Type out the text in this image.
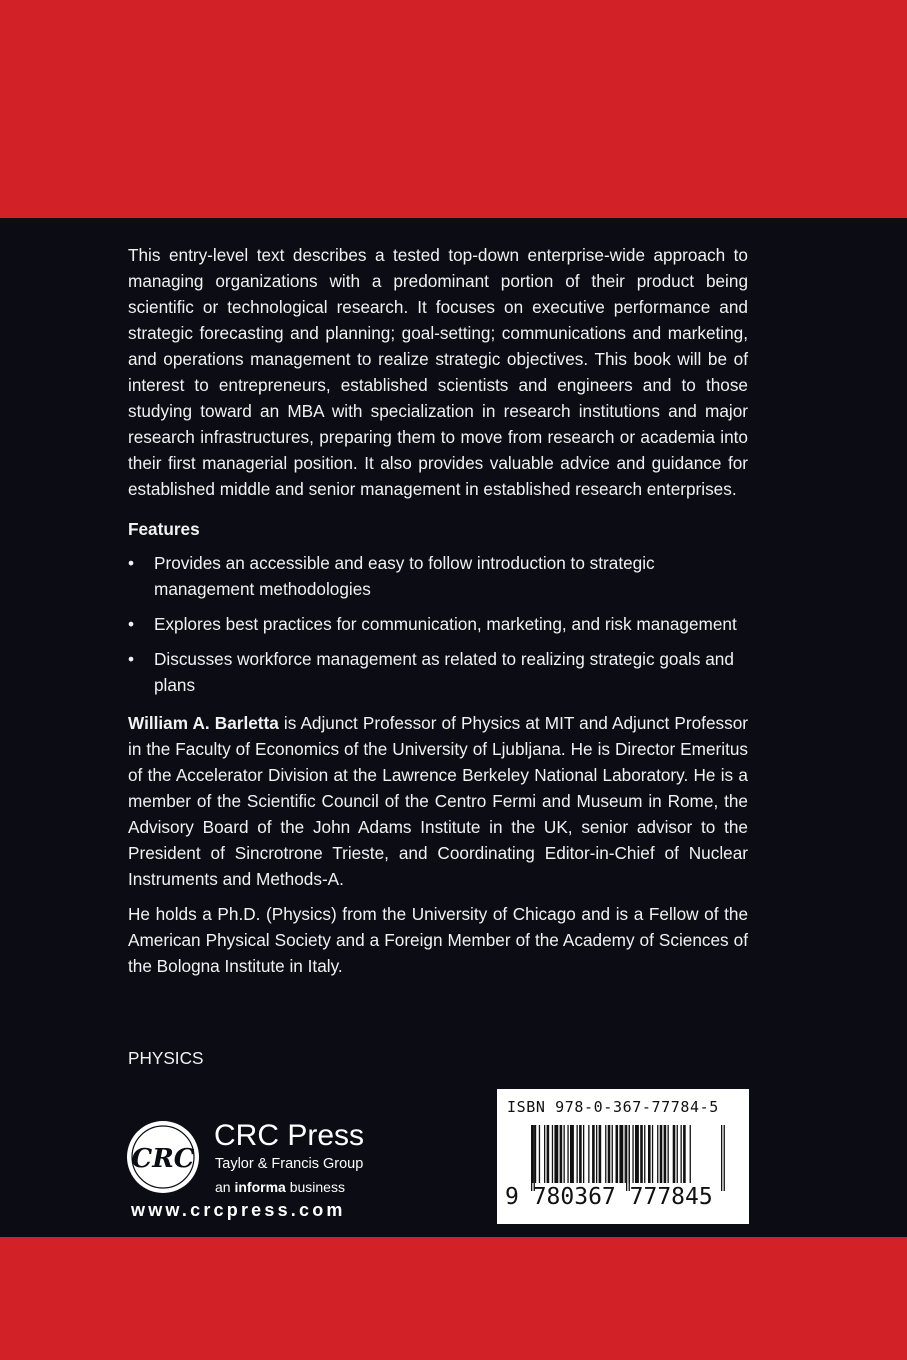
This entry-level text describes a tested top-down enterprise-wide approach to managing organizations with a predominant portion of their product being scientific or technological research. It focuses on executive performance and strategic forecasting and planning; goal-setting; communications and marketing, and operations management to realize strategic objectives. This book will be of interest to entrepreneurs, established scientists and engineers and to those studying toward an MBA with specialization in research institutions and major research infrastructures, preparing them to move from research or academia into their first managerial position. It also provides valuable advice and guidance for established middle and senior management in established research enterprises.

Features
• Provides an accessible and easy to follow introduction to strategic management methodologies
• Explores best practices for communication, marketing, and risk management
• Discusses workforce management as related to realizing strategic goals and plans

William A. Barletta is Adjunct Professor of Physics at MIT and Adjunct Professor in the Faculty of Economics of the University of Ljubljana. He is Director Emeritus of the Accelerator Division at the Lawrence Berkeley National Laboratory. He is a member of the Scientific Council of the Centro Fermi and Museum in Rome, the Advisory Board of the John Adams Institute in the UK, senior advisor to the President of Sincrotrone Trieste, and Coordinating Editor-in-Chief of Nuclear Instruments and Methods-A.

He holds a Ph.D. (Physics) from the University of Chicago and is a Fellow of the American Physical Society and a Foreign Member of the Academy of Sciences of the Bologna Institute in Italy.

PHYSICS
CRC
CRC Press
Taylor & Francis Group
an informa business
www.crcpress.com
ISBN 978-0-367-77784-5
9 780367 777845
